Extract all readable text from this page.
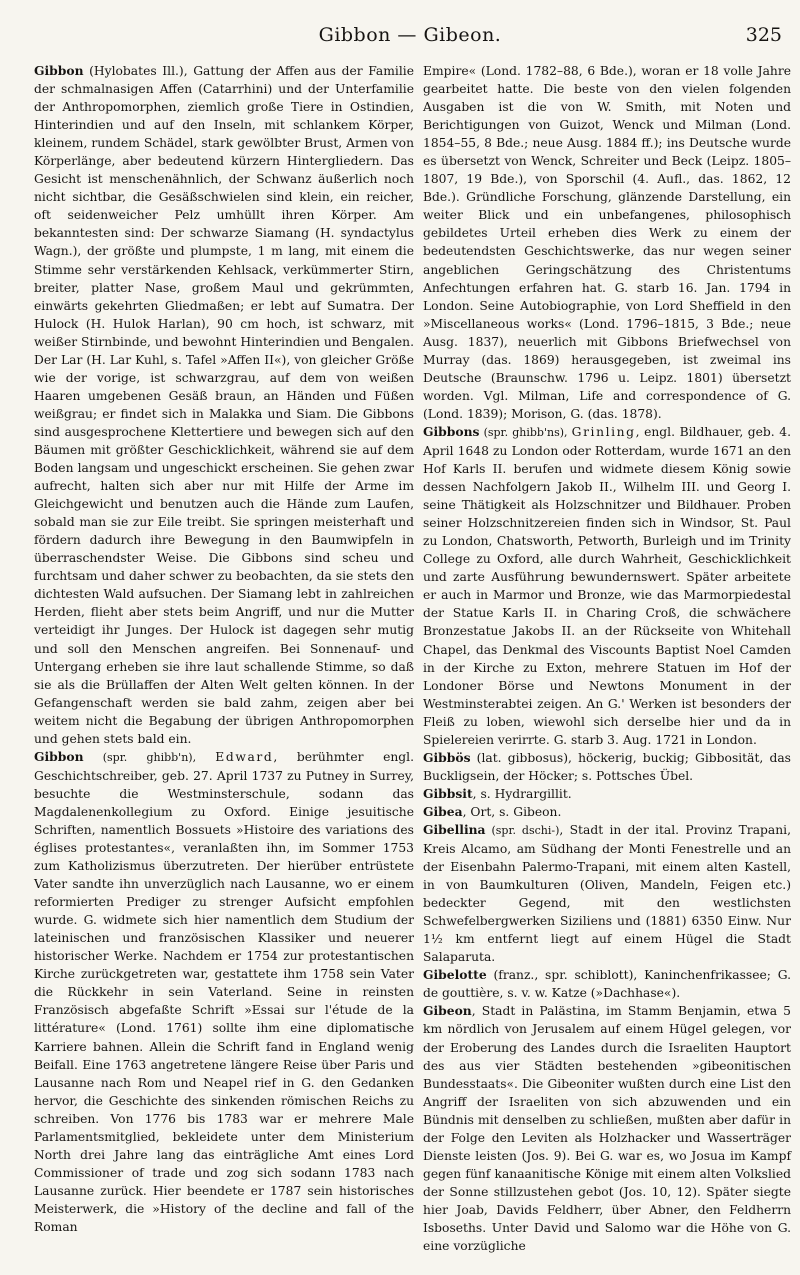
Gibbon — Gibeon.	325

Gibbon (Hylobates Ill.), Gattung der Affen aus der Familie der schmalnasigen Affen (Catarrhini) und der Unterfamilie der Anthropomorphen, ziemlich große Tiere in Ostindien, Hinterindien und auf den Inseln, mit schlankem Körper, kleinem, rundem Schädel, stark gewölbter Brust, Armen von Körperlänge, aber bedeutend kürzern Hintergliedern. Das Gesicht ist menschenähnlich, der Schwanz äußerlich noch nicht sichtbar, die Gesäßschwielen sind klein, ein reicher, oft seidenweicher Pelz umhüllt ihren Körper. Am bekanntesten sind: Der schwarze Siamang (H. syndactylus Wagn.), der größte und plumpste, 1 m lang, mit einem die Stimme sehr verstärkenden Kehlsack, verkümmerter Stirn, breiter, platter Nase, großem Maul und gekrümmten, einwärts gekehrten Gliedmaßen; er lebt auf Sumatra. Der Hulock (H. Hulok Harlan), 90 cm hoch, ist schwarz, mit weißer Stirnbinde, und bewohnt Hinterindien und Bengalen. Der Lar (H. Lar Kuhl, s. Tafel »Affen II«), von gleicher Größe wie der vorige, ist schwarzgrau, auf dem von weißen Haaren umgebenen Gesäß braun, an Händen und Füßen weißgrau; er findet sich in Malakka und Siam. Die Gibbons sind ausgesprochene Klettertiere und bewegen sich auf den Bäumen mit größter Geschicklichkeit, während sie auf dem Boden langsam und ungeschickt erscheinen. Sie gehen zwar aufrecht, halten sich aber nur mit Hilfe der Arme im Gleichgewicht und benutzen auch die Hände zum Laufen, sobald man sie zur Eile treibt. Sie springen meisterhaft und fördern dadurch ihre Bewegung in den Baumwipfeln in überraschendster Weise. Die Gibbons sind scheu und furchtsam und daher schwer zu beobachten, da sie stets den dichtesten Wald aufsuchen. Der Siamang lebt in zahlreichen Herden, flieht aber stets beim Angriff, und nur die Mutter verteidigt ihr Junges. Der Hulock ist dagegen sehr mutig und soll den Menschen angreifen. Bei Sonnenauf- und Untergang erheben sie ihre laut schallende Stimme, so daß sie als die Brüllaffen der Alten Welt gelten können. In der Gefangenschaft werden sie bald zahm, zeigen aber bei weitem nicht die Begabung der übrigen Anthropomorphen und gehen stets bald ein.

Gibbon (spr. ghibb'n), Edward, berühmter engl. Geschichtschreiber, geb. 27. April 1737 zu Putney in Surrey, besuchte die Westminsterschule, sodann das Magdalenenkollegium zu Oxford. Einige jesuitische Schriften, namentlich Bossuets »Histoire des variations des églises protestantes«, veranlaßten ihn, im Sommer 1753 zum Katholizismus überzutreten. Der hierüber entrüstete Vater sandte ihn unverzüglich nach Lausanne, wo er einem reformierten Prediger zu strenger Aufsicht empfohlen wurde. G. widmete sich hier namentlich dem Studium der lateinischen und französischen Klassiker und neuerer historischer Werke. Nachdem er 1754 zur protestantischen Kirche zurückgetreten war, gestattete ihm 1758 sein Vater die Rückkehr in sein Vaterland. Seine in reinsten Französisch abgefaßte Schrift »Essai sur l'étude de la littérature« (Lond. 1761) sollte ihm eine diplomatische Karriere bahnen. Allein die Schrift fand in England wenig Beifall. Eine 1763 angetretene längere Reise über Paris und Lausanne nach Rom und Neapel rief in G. den Gedanken hervor, die Geschichte des sinkenden römischen Reichs zu schreiben. Von 1776 bis 1783 war er mehrere Male Parlamentsmitglied, bekleidete unter dem Ministerium North drei Jahre lang das einträgliche Amt eines Lord Commissioner of trade und zog sich sodann 1783 nach Lausanne zurück. Hier beendete er 1787 sein historisches Meisterwerk, die »History of the decline and fall of the Roman

Empire« (Lond. 1782–88, 6 Bde.), woran er 18 volle Jahre gearbeitet hatte. Die beste von den vielen folgenden Ausgaben ist die von W. Smith, mit Noten und Berichtigungen von Guizot, Wenck und Milman (Lond. 1854–55, 8 Bde.; neue Ausg. 1884 ff.); ins Deutsche wurde es übersetzt von Wenck, Schreiter und Beck (Leipz. 1805–1807, 19 Bde.), von Sporschil (4. Aufl., das. 1862, 12 Bde.). Gründliche Forschung, glänzende Darstellung, ein weiter Blick und ein unbefangenes, philosophisch gebildetes Urteil erheben dies Werk zu einem der bedeutendsten Geschichtswerke, das nur wegen seiner angeblichen Geringschätzung des Christentums Anfechtungen erfahren hat. G. starb 16. Jan. 1794 in London. Seine Autobiographie, von Lord Sheffield in den »Miscellaneous works« (Lond. 1796–1815, 3 Bde.; neue Ausg. 1837), neuerlich mit Gibbons Briefwechsel von Murray (das. 1869) herausgegeben, ist zweimal ins Deutsche (Braunschw. 1796 u. Leipz. 1801) übersetzt worden. Vgl. Milman, Life and correspondence of G. (Lond. 1839); Morison, G. (das. 1878).

Gibbons (spr. ghibb'ns), Grinling, engl. Bildhauer, geb. 4. April 1648 zu London oder Rotterdam, wurde 1671 an den Hof Karls II. berufen und widmete diesem König sowie dessen Nachfolgern Jakob II., Wilhelm III. und Georg I. seine Thätigkeit als Holzschnitzer und Bildhauer. Proben seiner Holzschnitzereien finden sich in Windsor, St. Paul zu London, Chatsworth, Petworth, Burleigh und im Trinity College zu Oxford, alle durch Wahrheit, Geschicklichkeit und zarte Ausführung bewundernswert. Später arbeitete er auch in Marmor und Bronze, wie das Marmorpiedestal der Statue Karls II. in Charing Croß, die schwächere Bronzestatue Jakobs II. an der Rückseite von Whitehall Chapel, das Denkmal des Viscounts Baptist Noel Camden in der Kirche zu Exton, mehrere Statuen im Hof der Londoner Börse und Newtons Monument in der Westminsterabtei zeigen. An G.' Werken ist besonders der Fleiß zu loben, wiewohl sich derselbe hier und da in Spielereien verirrte. G. starb 3. Aug. 1721 in London.

Gibbös (lat. gibbosus), höckerig, buckig; Gibbosität, das Buckligsein, der Höcker; s. Pottsches Übel.

Gibbsit, s. Hydrargillit.

Gibea, Ort, s. Gibeon.

Gibellina (spr. dschi-), Stadt in der ital. Provinz Trapani, Kreis Alcamo, am Südhang der Monti Fenestrelle und an der Eisenbahn Palermo-Trapani, mit einem alten Kastell, in von Baumkulturen (Oliven, Mandeln, Feigen etc.) bedeckter Gegend, mit den westlichsten Schwefelbergwerken Siziliens und (1881) 6350 Einw. Nur 1½ km entfernt liegt auf einem Hügel die Stadt Salaparuta.

Gibelotte (franz., spr. schiblott), Kaninchenfrikassee; G. de gouttière, s. v. w. Katze (»Dachhase«).

Gibeon, Stadt in Palästina, im Stamm Benjamin, etwa 5 km nördlich von Jerusalem auf einem Hügel gelegen, vor der Eroberung des Landes durch die Israeliten Hauptort des aus vier Städten bestehenden »gibeonitischen Bundesstaats«. Die Gibeoniter wußten durch eine List den Angriff der Israeliten von sich abzuwenden und ein Bündnis mit denselben zu schließen, mußten aber dafür in der Folge den Leviten als Holzhacker und Wasserträger Dienste leisten (Jos. 9). Bei G. war es, wo Josua im Kampf gegen fünf kanaanitische Könige mit einem alten Volkslied der Sonne stillzustehen gebot (Jos. 10, 12). Später siegte hier Joab, Davids Feldherr, über Abner, den Feldherrn Isboseths. Unter David und Salomo war die Höhe von G. eine vorzügliche
